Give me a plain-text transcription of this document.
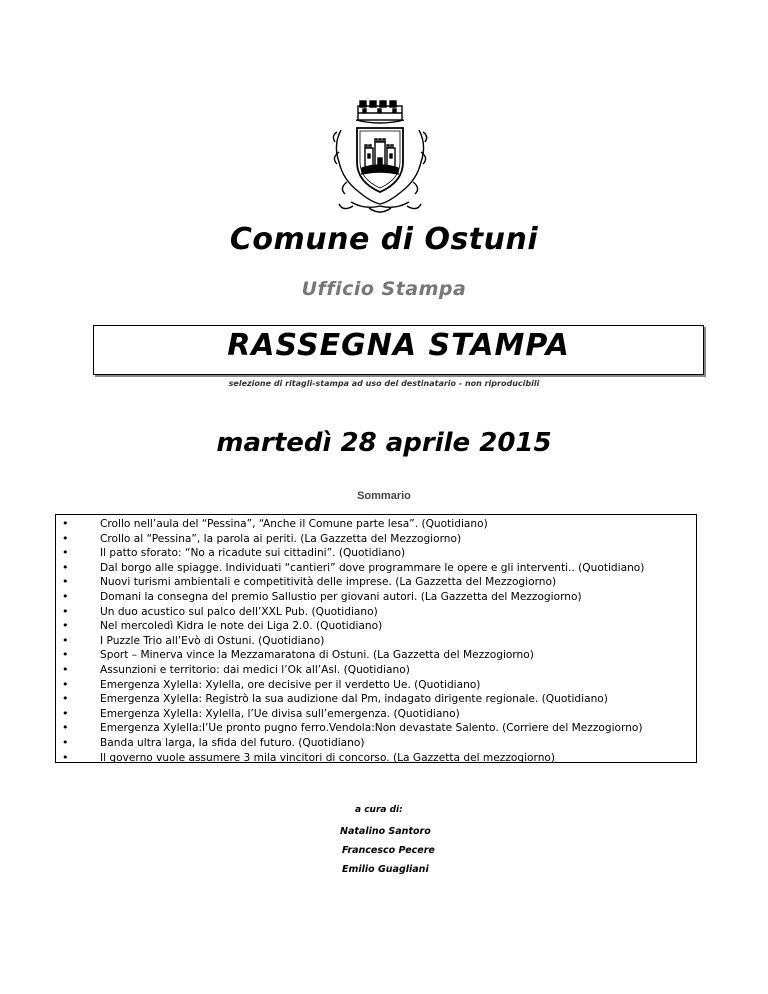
Comune di Ostuni
Ufficio Stampa
RASSEGNA STAMPA
selezione di ritagli-stampa ad uso del destinatario - non riproducibili
martedì 28 aprile 2015
Sommario
• Crollo nell’aula del “Pessina”, “Anche il Comune parte lesa”. (Quotidiano)
• Crollo al “Pessina”, la parola ai periti. (La Gazzetta del Mezzogiorno)
• Il patto sforato: “No a ricadute sui cittadini”. (Quotidiano)
• Dal borgo alle spiagge. Individuati “cantieri” dove programmare le opere e gli interventi.. (Quotidiano)
• Nuovi turismi ambientali e competitività delle imprese. (La Gazzetta del Mezzogiorno)
• Domani la consegna del premio Sallustio per giovani autori. (La Gazzetta del Mezzogiorno)
• Un duo acustico sul palco dell’XXL Pub. (Quotidiano)
• Nel mercoledì Kidra le note dei Liga 2.0. (Quotidiano)
• I Puzzle Trio all’Evò di Ostuni. (Quotidiano)
• Sport – Minerva vince la Mezzamaratona di Ostuni. (La Gazzetta del Mezzogiorno)
• Assunzioni e territorio: dai medici l’Ok all’Asl. (Quotidiano)
• Emergenza Xylella: Xylella, ore decisive per il verdetto Ue. (Quotidiano)
• Emergenza Xylella: Registrò la sua audizione dal Pm, indagato dirigente regionale. (Quotidiano)
• Emergenza Xylella: Xylella, l’Ue divisa sull’emergenza. (Quotidiano)
• Emergenza Xylella:l’Ue pronto pugno ferro.Vendola:Non devastate Salento. (Corriere del Mezzogiorno)
• Banda ultra larga, la sfida del futuro. (Quotidiano)
• Il governo vuole assumere 3 mila vincitori di concorso. (La Gazzetta del mezzogiorno)
a cura di:
Natalino Santoro
Francesco Pecere
Emilio Guagliani
